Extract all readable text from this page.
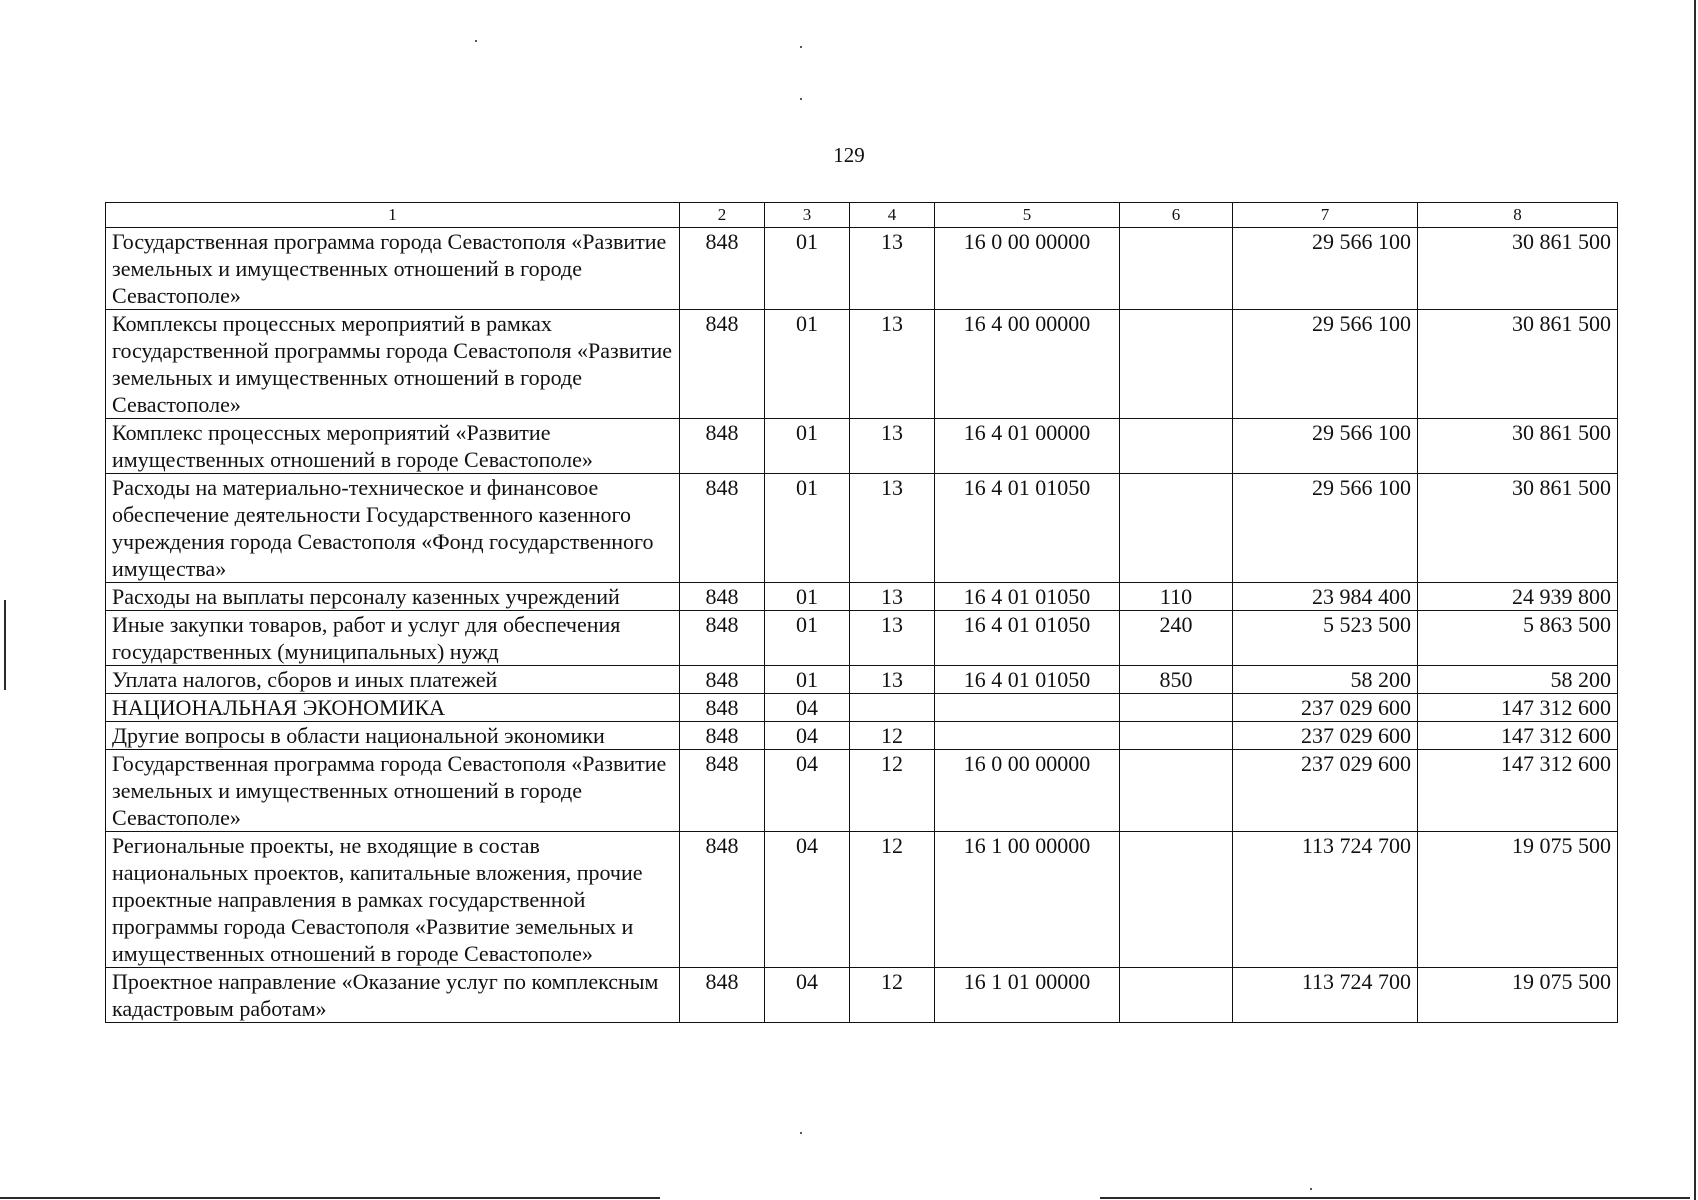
129
1	2	3	4	5	6	7	8
Государственная программа города Севастополя «Развитие земельных и имущественных отношений в городе Севастополе»	848	01	13	16 0 00 00000		29 566 100	30 861 500
Комплексы процессных мероприятий в рамках государственной программы города Севастополя «Развитие земельных и имущественных отношений в городе Севастополе»	848	01	13	16 4 00 00000		29 566 100	30 861 500
Комплекс процессных мероприятий «Развитие имущественных отношений в городе Севастополе»	848	01	13	16 4 01 00000		29 566 100	30 861 500
Расходы на материально-техническое и финансовое обеспечение деятельности Государственного казенного учреждения города Севастополя «Фонд государственного имущества»	848	01	13	16 4 01 01050		29 566 100	30 861 500
Расходы на выплаты персоналу казенных учреждений	848	01	13	16 4 01 01050	110	23 984 400	24 939 800
Иные закупки товаров, работ и услуг для обеспечения государственных (муниципальных) нужд	848	01	13	16 4 01 01050	240	5 523 500	5 863 500
Уплата налогов, сборов и иных платежей	848	01	13	16 4 01 01050	850	58 200	58 200
НАЦИОНАЛЬНАЯ ЭКОНОМИКА	848	04				237 029 600	147 312 600
Другие вопросы в области национальной экономики	848	04	12			237 029 600	147 312 600
Государственная программа города Севастополя «Развитие земельных и имущественных отношений в городе Севастополе»	848	04	12	16 0 00 00000		237 029 600	147 312 600
Региональные проекты, не входящие в состав национальных проектов, капитальные вложения, прочие проектные направления в рамках государственной программы города Севастополя «Развитие земельных и имущественных отношений в городе Севастополе»	848	04	12	16 1 00 00000		113 724 700	19 075 500
Проектное направление «Оказание услуг по комплексным кадастровым работам»	848	04	12	16 1 01 00000		113 724 700	19 075 500
